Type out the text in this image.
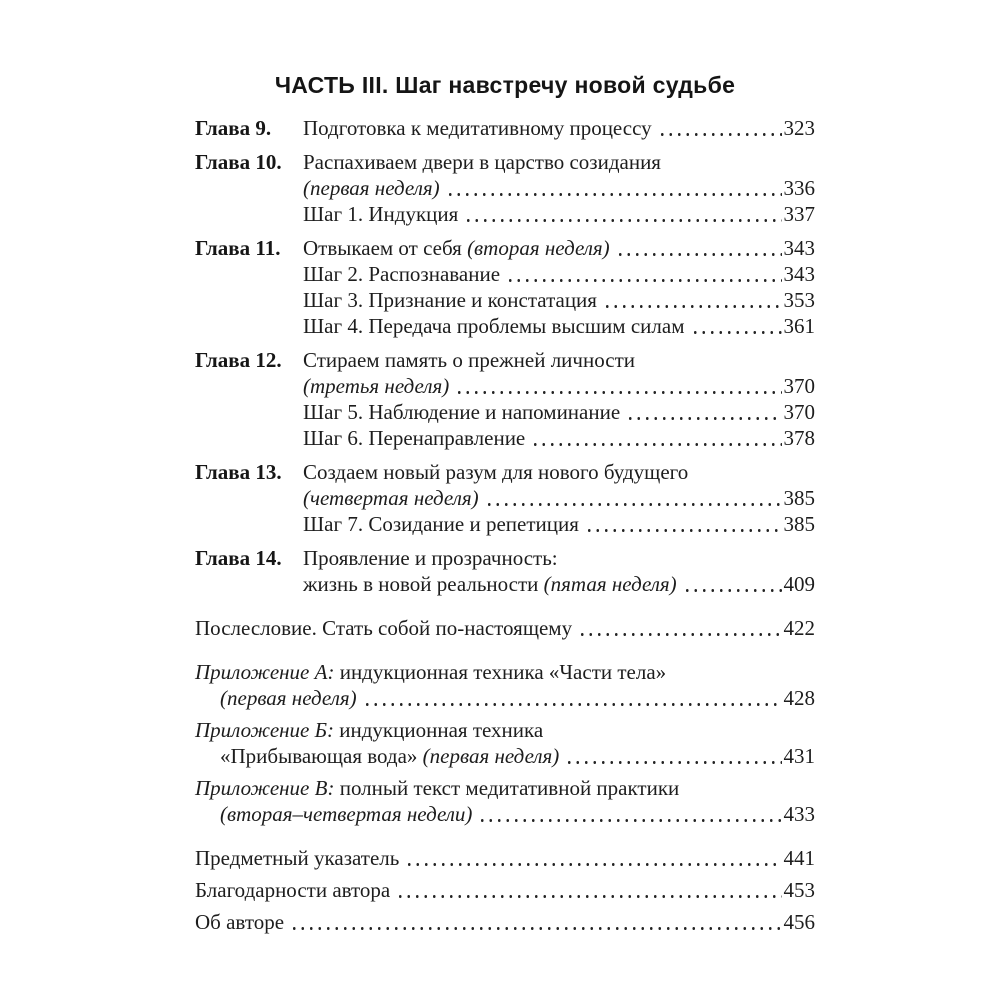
ЧАСТЬ III. Шаг навстречу новой судьбе
Глава 9.	Подготовка к медитативному процессу	323
Глава 10.	Распахиваем двери в царство созидания
(первая неделя)	336
Шаг 1. Индукция	337
Глава 11.	Отвыкаем от себя (вторая неделя)	343
Шаг 2. Распознавание	343
Шаг 3. Признание и констатация	353
Шаг 4. Передача проблемы высшим силам	361
Глава 12.	Стираем память о прежней личности
(третья неделя)	370
Шаг 5. Наблюдение и напоминание	370
Шаг 6. Перенаправление	378
Глава 13.	Создаем новый разум для нового будущего
(четвертая неделя)	385
Шаг 7. Созидание и репетиция	385
Глава 14.	Проявление и прозрачность:
жизнь в новой реальности (пятая неделя)	409
Послесловие. Стать собой по-настоящему	422
Приложение А: индукционная техника «Части тела»
(первая неделя)	428
Приложение Б: индукционная техника
«Прибывающая вода» (первая неделя)	431
Приложение В: полный текст медитативной практики
(вторая–четвертая недели)	433
Предметный указатель	441
Благодарности автора	453
Об авторе	456
